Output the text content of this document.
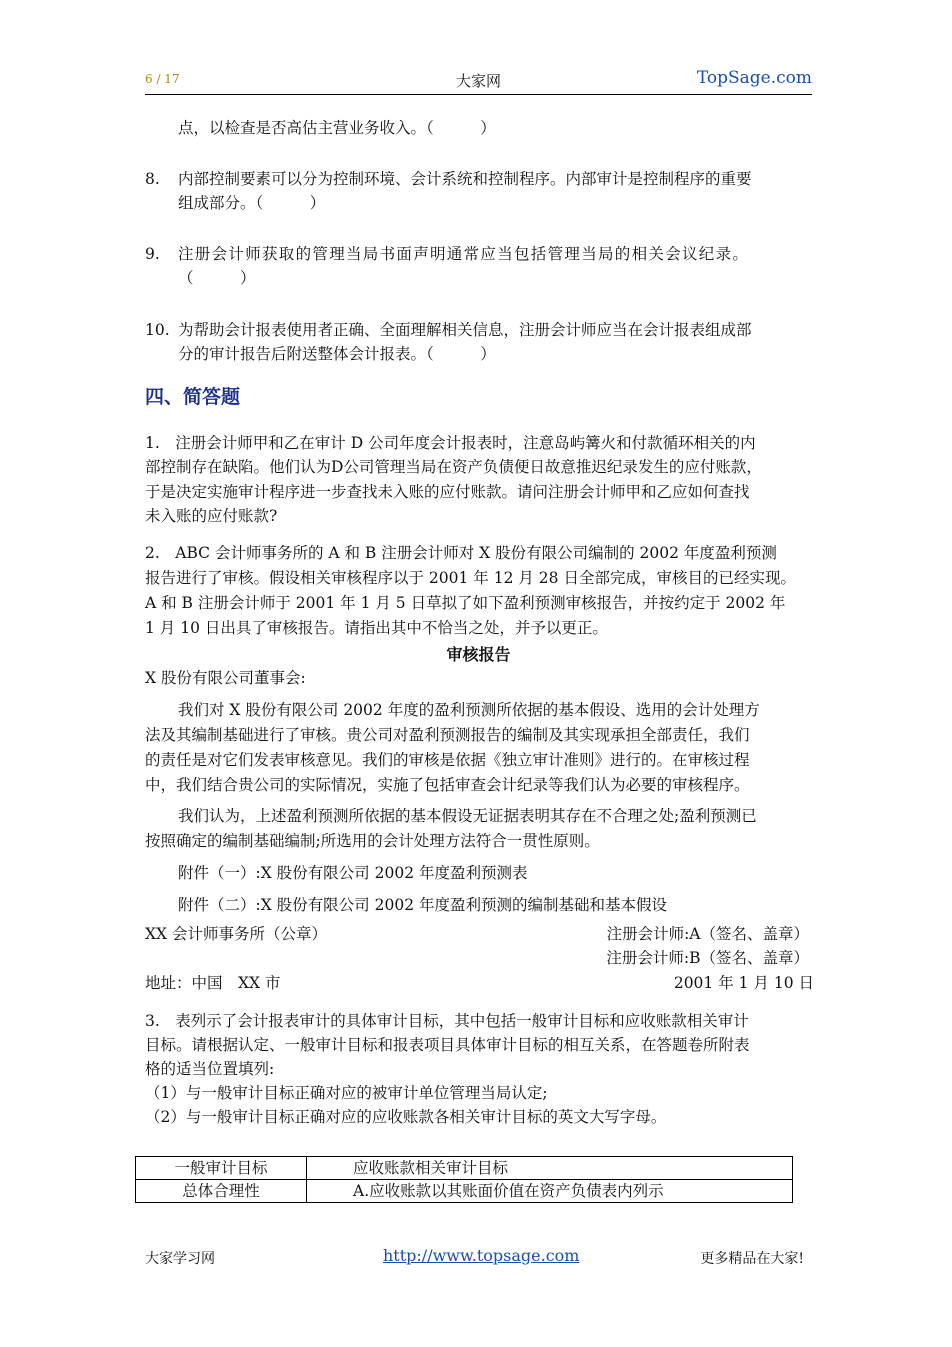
6 / 17	大家网	TopSage.com
点，以检查是否高估主营业务收入。（　　　）
8. 内部控制要素可以分为控制环境、会计系统和控制程序。内部审计是控制程序的重要
组成部分。（　　　）
9. 注册会计师获取的管理当局书面声明通常应当包括管理当局的相关会议纪录。
（　　　）
10. 为帮助会计报表使用者正确、全面理解相关信息，注册会计师应当在会计报表组成部
分的审计报告后附送整体会计报表。（　　　）
四、简答题
1.　注册会计师甲和乙在审计 D 公司年度会计报表时，注意岛屿篝火和付款循环相关的内
部控制存在缺陷。他们认为D公司管理当局在资产负债便日故意推迟纪录发生的应付账款，
于是决定实施审计程序进一步查找未入账的应付账款。请问注册会计师甲和乙应如何查找
未入账的应付账款?
2.　ABC 会计师事务所的 A 和 B 注册会计师对 X 股份有限公司编制的 2002 年度盈利预测
报告进行了审核。假设相关审核程序以于 2001 年 12 月 28 日全部完成，审核目的已经实现。
A 和 B 注册会计师于 2001 年 1 月 5 日草拟了如下盈利预测审核报告，并按约定于 2002 年
1 月 10 日出具了审核报告。请指出其中不恰当之处，并予以更正。
审核报告
X 股份有限公司董事会:
我们对 X 股份有限公司 2002 年度的盈利预测所依据的基本假设、选用的会计处理方
法及其编制基础进行了审核。贵公司对盈利预测报告的编制及其实现承担全部责任，我们
的责任是对它们发表审核意见。我们的审核是依据《独立审计准则》进行的。在审核过程
中，我们结合贵公司的实际情况，实施了包括审查会计纪录等我们认为必要的审核程序。
我们认为，上述盈利预测所依据的基本假设无证据表明其存在不合理之处;盈利预测已
按照确定的编制基础编制;所选用的会计处理方法符合一贯性原则。
附件（一）:X 股份有限公司 2002 年度盈利预测表
附件（二）:X 股份有限公司 2002 年度盈利预测的编制基础和基本假设
XX 会计师事务所（公章）	注册会计师:A（签名、盖章）
注册会计师:B（签名、盖章）
地址：中国　XX 市	2001 年 1 月 10 日
3.　表列示了会计报表审计的具体审计目标，其中包括一般审计目标和应收账款相关审计
目标。请根据认定、一般审计目标和报表项目具体审计目标的相互关系，在答题卷所附表
格的适当位置填列:
（1）与一般审计目标正确对应的被审计单位管理当局认定;
（2）与一般审计目标正确对应的应收账款各相关审计目标的英文大写字母。
一般审计目标	应收账款相关审计目标
总体合理性	A.应收账款以其账面价值在资产负债表内列示
大家学习网	http://www.topsage.com	更多精品在大家!
